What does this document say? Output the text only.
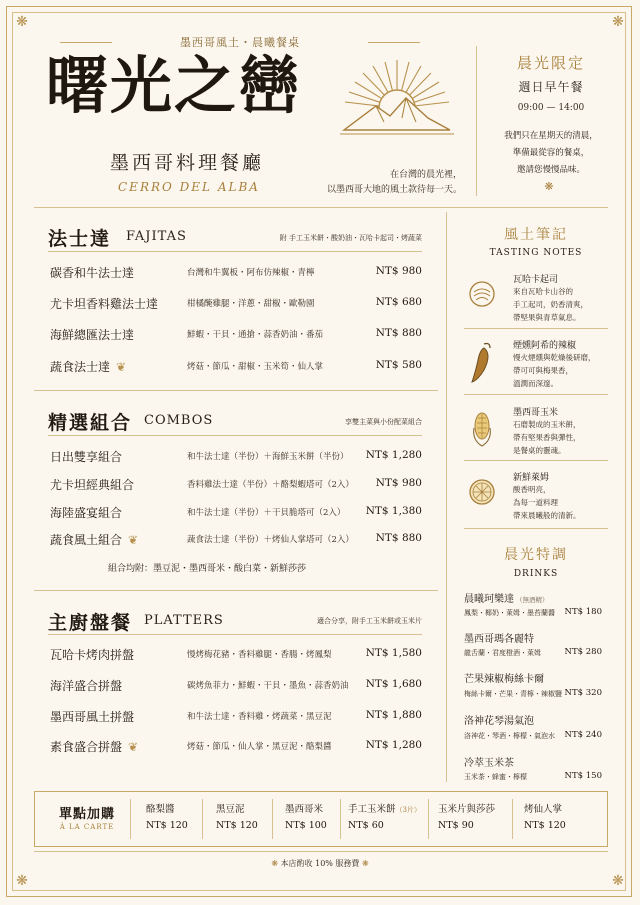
❋	❋
❋	❋
墨西哥風土・晨曦餐桌
曙光之巒
墨西哥料理餐廳
CERRO DEL ALBA
在台灣的晨光裡，
以墨西哥大地的風土款待每一天。
晨光限定
週日早午餐
09:00 — 14:00
我們只在星期天的清晨，
準備最從容的餐桌，
邀請您慢慢品味。
❋
法士達 FAJITAS	附 手工玉米餅・酸奶油・瓦哈卡起司・烤蔬菜
碳香和牛法士達	台灣和牛翼板・阿布仿辣椒・青檸	NT$ 980
尤卡坦香料雞法士達	柑橘醃雞腿・洋蔥・甜椒・歐勒園	NT$ 680
海鮮總匯法士達	鮮蝦・干貝・通搶・蒜香奶油・番茄	NT$ 880
蔬食法士達 ❦	烤菇・節瓜・甜椒・玉米筍・仙人掌	NT$ 580
精選組合 COMBOS	享雙主菜與小份配菜組合
日出雙享組合	和牛法士達（半份）＋海鮮玉米餅（半份）	NT$ 1,280
尤卡坦經典組合	香料雞法士達（半份）＋酪梨蝦塔可（2入）	NT$ 980
海陸盛宴組合	和牛法士達（半份）＋干貝脆塔可（2入）	NT$ 1,380
蔬食風土組合 ❦	蔬食法士達（半份）＋烤仙人掌塔可（2入）	NT$ 880
組合均附：墨豆泥・墨西哥米・酸白菜・新鮮莎莎
主廚盤餐 PLATTERS	適合分享，附手工玉米餅或玉米片
瓦哈卡烤肉拼盤	慢烤梅花豬・香料雞腿・香腸・烤鳳梨	NT$ 1,580
海洋盛合拼盤	碳烤魚菲力・鮮蝦・干貝・墨魚・蒜香奶油	NT$ 1,680
墨西哥風土拼盤	和牛法士達・香料雞・烤蔬菜・黑豆泥	NT$ 1,880
素食盛合拼盤 ❦	烤菇・節瓜・仙人掌・黑豆泥・酪梨醬	NT$ 1,280
風土筆記
TASTING NOTES
瓦哈卡起司
來自瓦哈卡山谷的
手工起司，奶香清爽，
帶堅果與青草氣息。
煙燻阿希的辣椒
慢火煙燻與乾燥後研磨，
帶可可與梅果香，
溫潤而深邃。
墨西哥玉米
石磨製成的玉米餅，
帶有堅果香與彈性，
是餐桌的靈魂。
新鮮萊姆
酸香明亮，
為每一道料理
帶來晨曦般的清新。
晨光特調
DRINKS
晨曦珂樂達 （無酒精）
鳳梨・椰奶・萊姆・墨苔蘭醬 NT$ 180
墨西哥瑪各麗特
龍舌蘭・君度橙酒・萊姆	NT$ 280
芒果辣椒梅絲卡爾
梅絲卡爾・芒果・青檸・辣椒鹽 NT$ 320
洛神花琴湯氣泡
洛神花・琴酒・檸檬・氣泡水 NT$ 240
冷萃玉米茶
玉米茶・蜂蜜・檸檬	NT$ 150
單點加購
À LA CARTE
酪梨醬
NT$ 120
黑豆泥
NT$ 120
墨西哥米
NT$ 100
手工玉米餅（3片）
NT$ 60
玉米片與莎莎
NT$ 90
烤仙人掌
NT$ 120
❋ 本店酌收 10% 服務費 ❋
